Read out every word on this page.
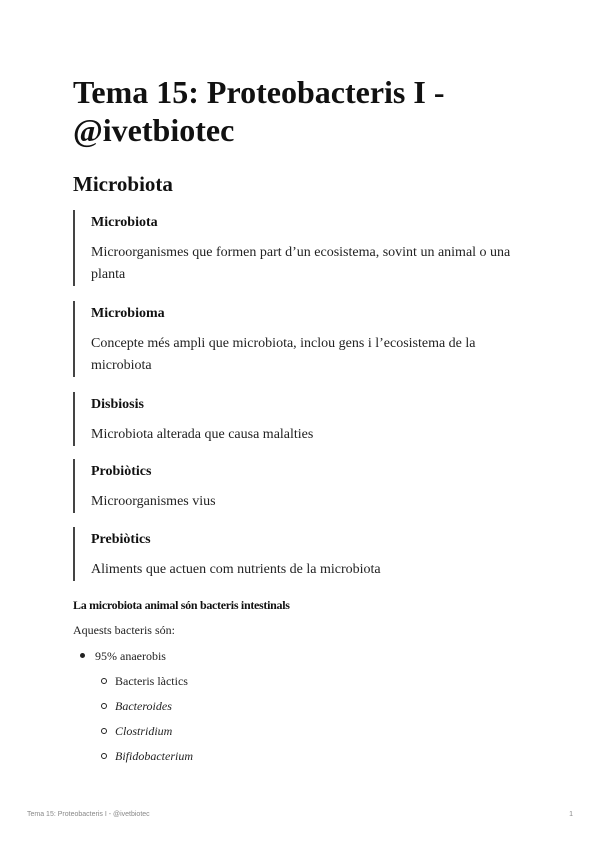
Tema 15: Proteobacteris I - @ivetbiotec
Microbiota
Microbiota
Microorganismes que formen part d’un ecosistema, sovint un animal o una planta
Microbioma
Concepte més ampli que microbiota, inclou gens i l’ecosistema de la microbiota
Disbiosis
Microbiota alterada que causa malalties
Probiòtics
Microorganismes vius
Prebiòtics
Aliments que actuen com nutrients de la microbiota
La microbiota animal són bacteris intestinals
Aquests bacteris són:
95% anaerobis
Bacteris làctics
Bacteroides
Clostridium
Bifidobacterium
Tema 15: Proteobacteris I - @ivetbiotec	1
